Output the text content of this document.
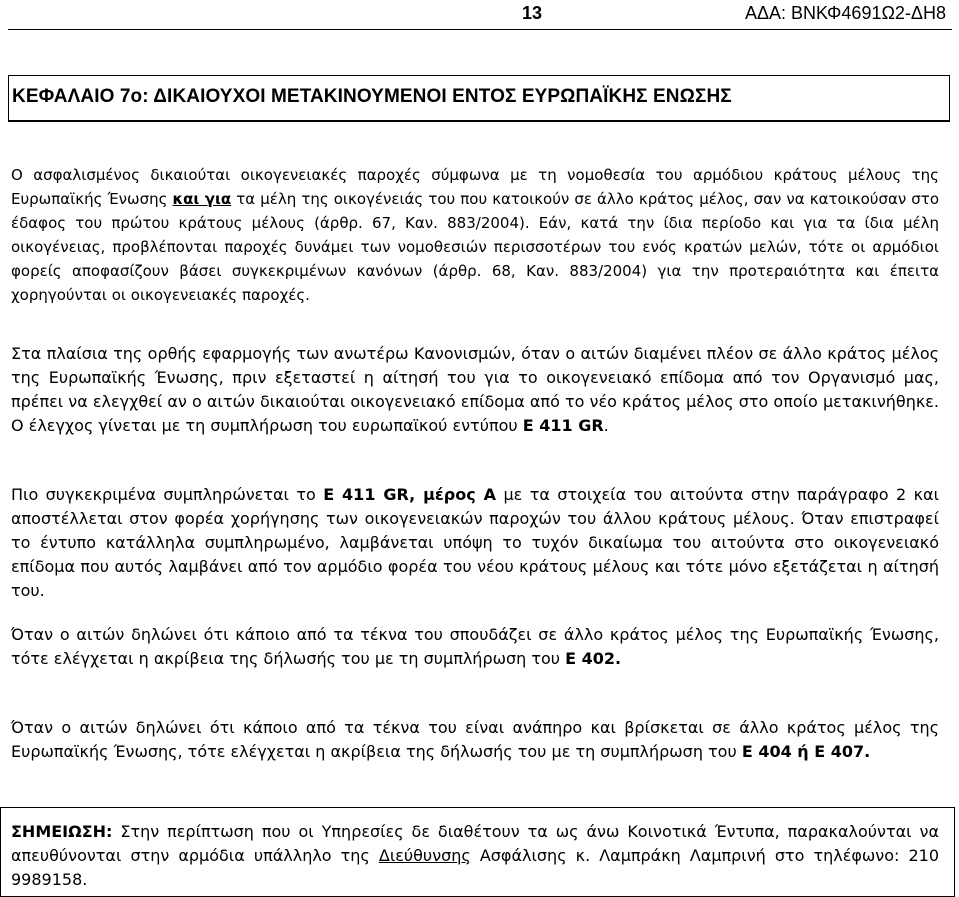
13	ΑΔΑ: ΒΝΚΦ4691Ω2-ΔΗ8
ΚΕΦΑΛΑΙΟ 7ο: ΔΙΚΑΙΟΥΧΟΙ ΜΕΤΑΚΙΝΟΥΜΕΝΟΙ ΕΝΤΟΣ ΕΥΡΩΠΑΪΚΗΣ ΕΝΩΣΗΣ

Ο ασφαλισμένος δικαιούται οικογενειακές παροχές σύμφωνα με τη νομοθεσία του αρμόδιου κράτους μέλους της Ευρωπαϊκής Ένωσης και για τα μέλη της οικογένειάς του που κατοικούν σε άλλο κράτος μέλος, σαν να κατοικούσαν στο έδαφος του πρώτου κράτους μέλους (άρθρ. 67, Καν. 883/2004). Εάν, κατά την ίδια περίοδο και για τα ίδια μέλη οικογένειας, προβλέπονται παροχές δυνάμει των νομοθεσιών περισσοτέρων του ενός κρατών μελών, τότε οι αρμόδιοι φορείς αποφασίζουν βάσει συγκεκριμένων κανόνων (άρθρ. 68, Καν. 883/2004) για την προτεραιότητα και έπειτα χορηγούνται οι οικογενειακές παροχές.

Στα πλαίσια της ορθής εφαρμογής των ανωτέρω Κανονισμών, όταν ο αιτών διαμένει πλέον σε άλλο κράτος μέλος της Ευρωπαϊκής Ένωσης, πριν εξεταστεί η αίτησή του για το οικογενειακό επίδομα από τον Οργανισμό μας, πρέπει να ελεγχθεί αν ο αιτών δικαιούται οικογενειακό επίδομα από το νέο κράτος μέλος στο οποίο μετακινήθηκε. Ο έλεγχος γίνεται με τη συμπλήρωση του ευρωπαϊκού εντύπου Ε 411 GR.

Πιο συγκεκριμένα συμπληρώνεται το Ε 411 GR, μέρος Α με τα στοιχεία του αιτούντα στην παράγραφο 2 και αποστέλλεται στον φορέα χορήγησης των οικογενειακών παροχών του άλλου κράτους μέλους. Όταν επιστραφεί το έντυπο κατάλληλα συμπληρωμένο, λαμβάνεται υπόψη το τυχόν δικαίωμα του αιτούντα στο οικογενειακό επίδομα που αυτός λαμβάνει από τον αρμόδιο φορέα του νέου κράτους μέλους και τότε μόνο εξετάζεται η αίτησή του.

Όταν ο αιτών δηλώνει ότι κάποιο από τα τέκνα του σπουδάζει σε άλλο κράτος μέλος της Ευρωπαϊκής Ένωσης, τότε ελέγχεται η ακρίβεια της δήλωσής του με τη συμπλήρωση του Ε 402.

Όταν ο αιτών δηλώνει ότι κάποιο από τα τέκνα του είναι ανάπηρο και βρίσκεται σε άλλο κράτος μέλος της Ευρωπαϊκής Ένωσης, τότε ελέγχεται η ακρίβεια της δήλωσής του με τη συμπλήρωση του Ε 404 ή Ε 407.

ΣΗΜΕΙΩΣΗ: Στην περίπτωση που οι Υπηρεσίες δε διαθέτουν τα ως άνω Κοινοτικά Έντυπα, παρακαλούνται να απευθύνονται στην αρμόδια υπάλληλο της Διεύθυνσης Ασφάλισης κ. Λαμπράκη Λαμπρινή στο τηλέφωνο: 210 9989158.
